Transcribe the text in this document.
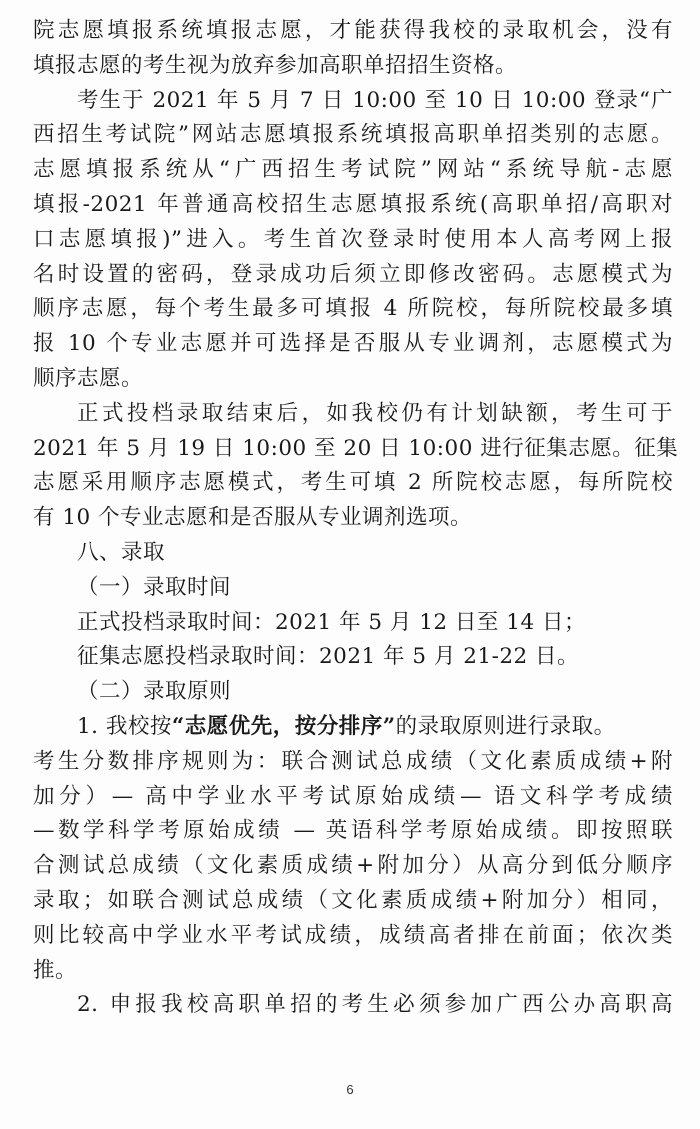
院志愿填报系统填报志愿，才能获得我校的录取机会，没有
填报志愿的考生视为放弃参加高职单招招生资格。
考生于 2021 年 5 月 7 日 10:00 至 10 日 10:00 登录“广
西招生考试院”网站志愿填报系统填报高职单招类别的志愿。
志愿填报系统从“广西招生考试院”网站“系统导航-志愿
填报-2021 年普通高校招生志愿填报系统(高职单招/高职对
口志愿填报)”进入。考生首次登录时使用本人高考网上报
名时设置的密码，登录成功后须立即修改密码。志愿模式为
顺序志愿，每个考生最多可填报 4 所院校，每所院校最多填
报 10 个专业志愿并可选择是否服从专业调剂，志愿模式为
顺序志愿。
正式投档录取结束后，如我校仍有计划缺额，考生可于
2021 年 5 月 19 日 10:00 至 20 日 10:00 进行征集志愿。征集
志愿采用顺序志愿模式，考生可填 2 所院校志愿，每所院校
有 10 个专业志愿和是否服从专业调剂选项。
八、录取
（一）录取时间
正式投档录取时间：2021 年 5 月 12 日至 14 日；
征集志愿投档录取时间：2021 年 5 月 21-22 日。
（二）录取原则
1. 我校按“志愿优先，按分排序”的录取原则进行录取。
考生分数排序规则为：联合测试总成绩（文化素质成绩+附
加分）— 高中学业水平考试原始成绩— 语文科学考成绩
—数学科学考原始成绩 — 英语科学考原始成绩。即按照联
合测试总成绩（文化素质成绩+附加分）从高分到低分顺序
录取；如联合测试总成绩（文化素质成绩+附加分）相同，
则比较高中学业水平考试成绩，成绩高者排在前面；依次类
推。
2. 申报我校高职单招的考生必须参加广西公办高职高
6
